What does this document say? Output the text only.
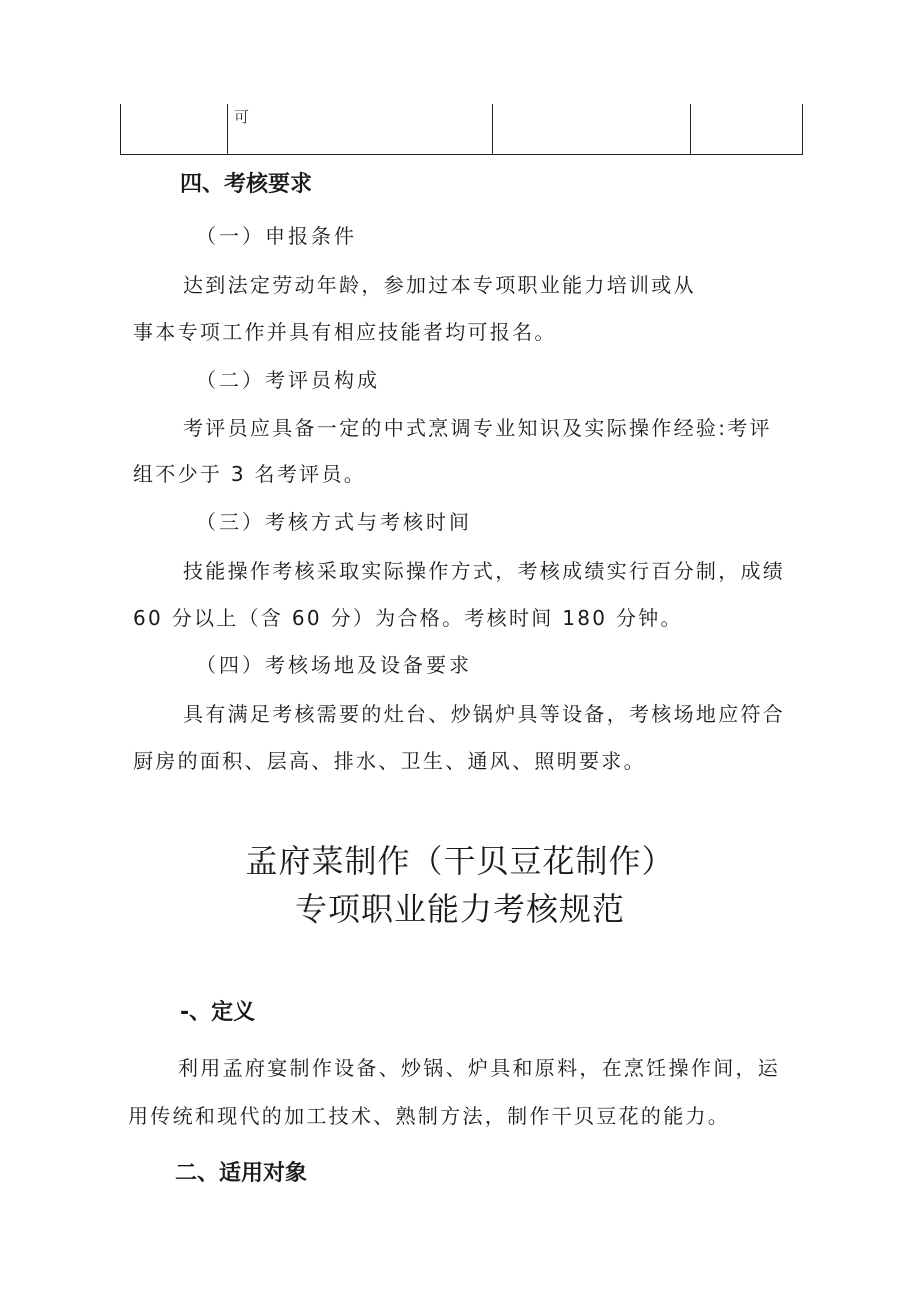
	可		
四、考核要求
（一）申报条件
达到法定劳动年龄，参加过本专项职业能力培训或从
事本专项工作并具有相应技能者均可报名。
（二）考评员构成
考评员应具备一定的中式烹调专业知识及实际操作经验:考评
组不少于 3 名考评员。
（三）考核方式与考核时间
技能操作考核采取实际操作方式，考核成绩实行百分制，成绩
60 分以上（含 60 分）为合格。考核时间 180 分钟。
（四）考核场地及设备要求
具有满足考核需要的灶台、炒锅炉具等设备，考核场地应符合
厨房的面积、层高、排水、卫生、通风、照明要求。
孟府菜制作（干贝豆花制作）
专项职业能力考核规范
-、定义
利用孟府宴制作设备、炒锅、炉具和原料，在烹饪操作间，运
用传统和现代的加工技术、熟制方法，制作干贝豆花的能力。
二、适用对象
